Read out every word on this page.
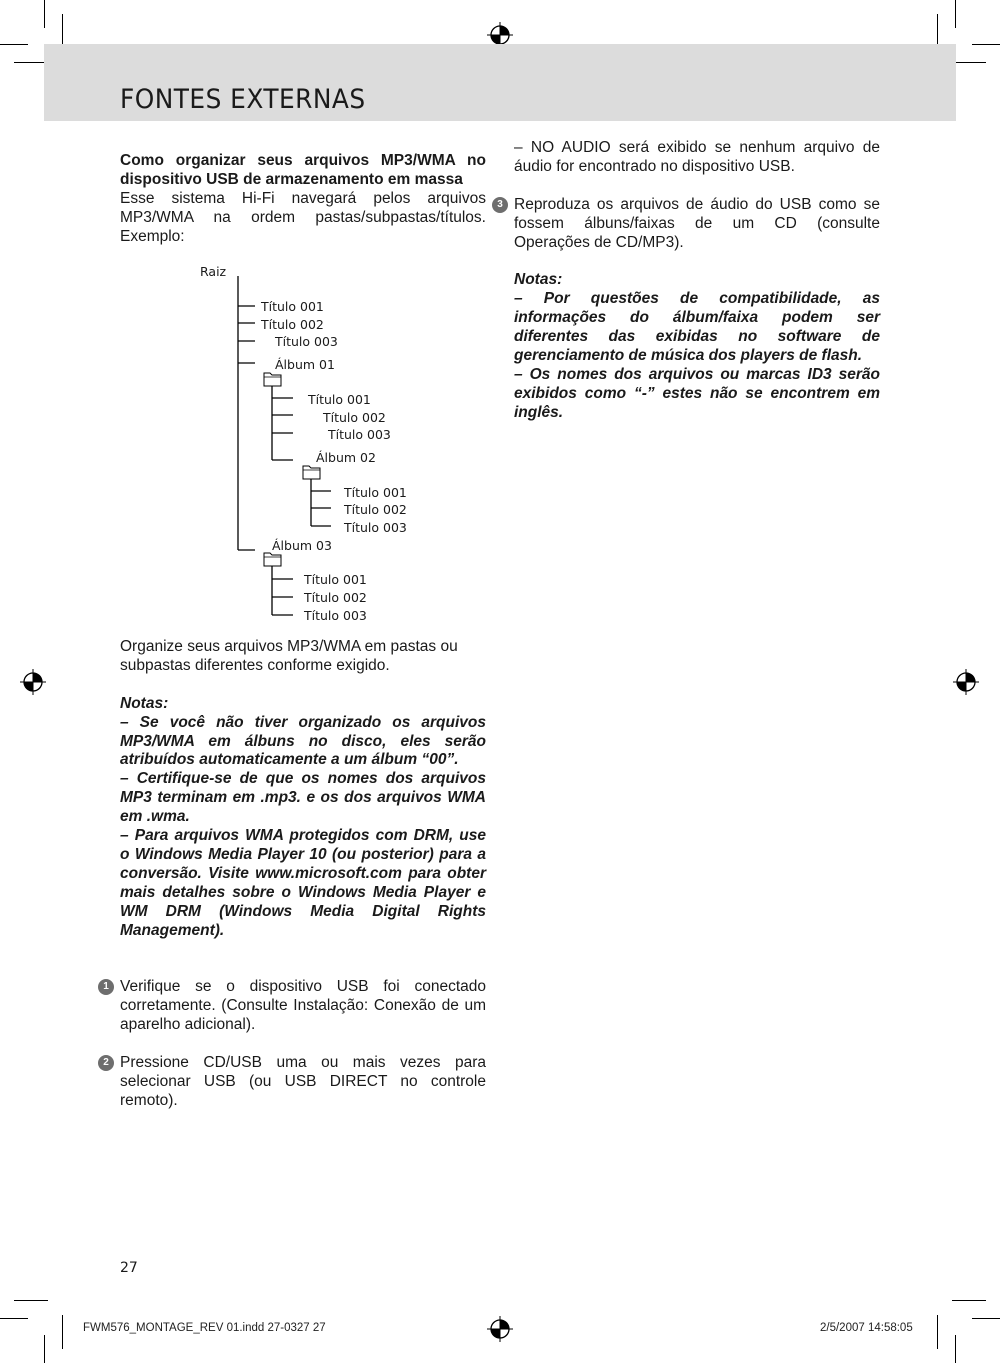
FONTES EXTERNAS

Como organizar seus arquivos MP3/WMA no dispositivo USB de armazenamento em massa

Esse sistema Hi-Fi navegará pelos arquivos MP3/WMA na ordem pastas/subpastas/títulos. Exemplo:

Raiz
Título 001
Título 002
Título 003
Álbum 01
Título 001
Título 002
Título 003
Álbum 02
Título 001
Título 002
Título 003
Álbum 03
Título 001
Título 002
Título 003

Organize seus arquivos MP3/WMA em pastas ou subpastas diferentes conforme exigido.

Notas:

– Se você não tiver organizado os arquivos MP3/WMA em álbuns no disco, eles serão atribuídos automaticamente a um álbum “00”.

– Certifique-se de que os nomes dos arquivos MP3 terminam em .mp3. e os dos arquivos WMA em .wma.

– Para arquivos WMA protegidos com DRM, use o Windows Media Player 10 (ou posterior) para a conversão. Visite www.microsoft.com para obter mais detalhes sobre o Windows Media Player e WM DRM (Windows Media Digital Rights Management).

1 Verifique se o dispositivo USB foi conectado corretamente. (Consulte Instalação: Conexão de um aparelho adicional).

2 Pressione CD/USB uma ou mais vezes para selecionar USB (ou USB DIRECT no controle remoto).

– NO AUDIO será exibido se nenhum arquivo de áudio for encontrado no dispositivo USB.

3 Reproduza os arquivos de áudio do USB como se fossem álbuns/faixas de um CD (consulte Operações de CD/MP3).

Notas:

– Por questões de compatibilidade, as informações do álbum/faixa podem ser diferentes das exibidas no software de gerenciamento de música dos players de flash.

– Os nomes dos arquivos ou marcas ID3 serão exibidos como “-” estes não se encontrem em inglês.

27
FWM576_MONTAGE_REV 01.indd 27-0327 27	2/5/2007 14:58:05
